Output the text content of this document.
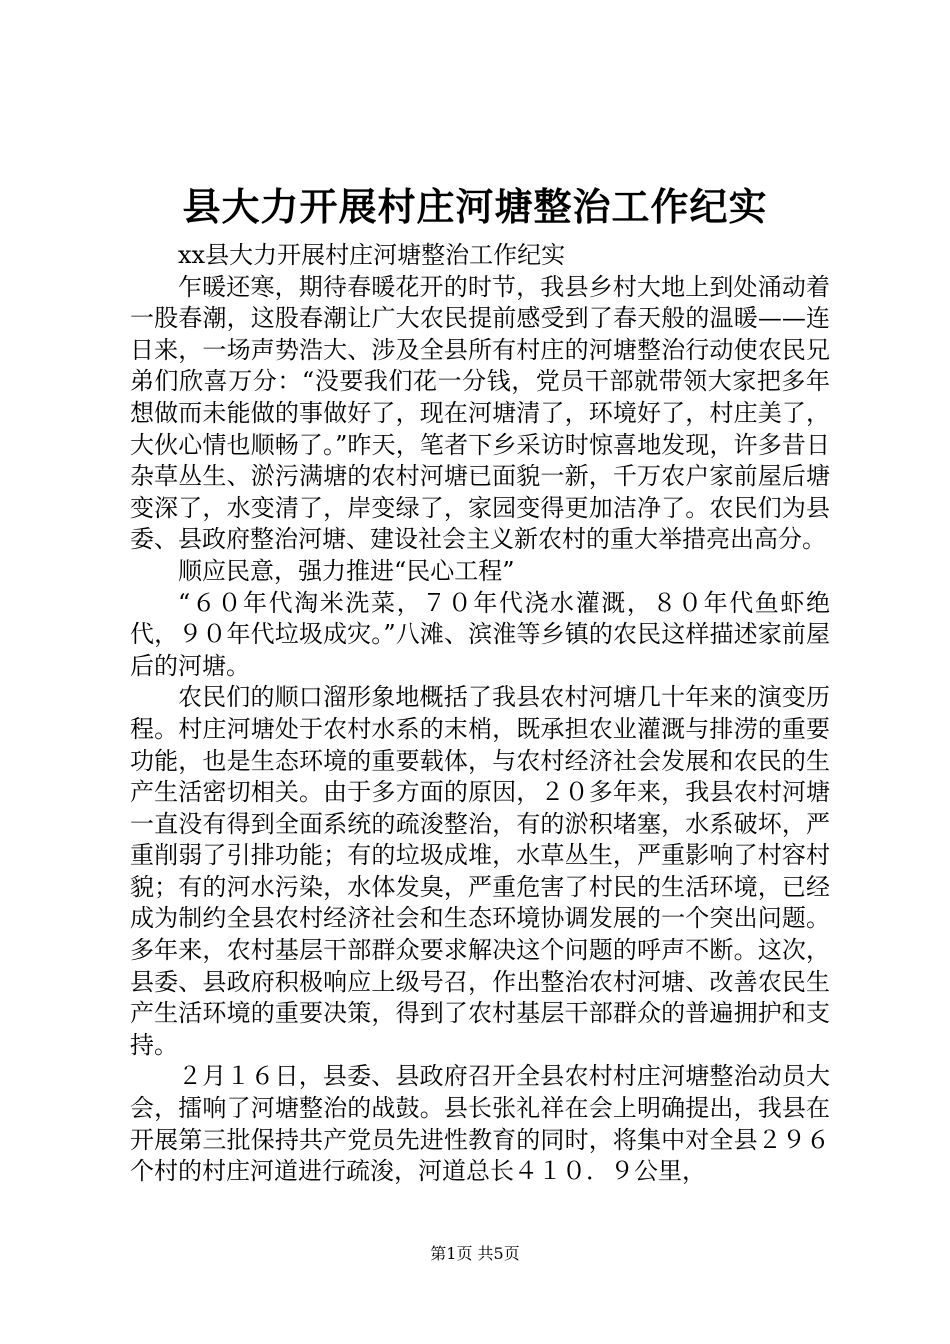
县大力开展村庄河塘整治工作纪实

xx县大力开展村庄河塘整治工作纪实

乍暖还寒，期待春暖花开的时节，我县乡村大地上到处涌动着一股春潮，这股春潮让广大农民提前感受到了春天般的温暖——连日来，一场声势浩大、涉及全县所有村庄的河塘整治行动使农民兄弟们欣喜万分：“没要我们花一分钱，党员干部就带领大家把多年想做而未能做的事做好了，现在河塘清了，环境好了，村庄美了，大伙心情也顺畅了。”昨天，笔者下乡采访时惊喜地发现，许多昔日杂草丛生、淤污满塘的农村河塘已面貌一新，千万农户家前屋后塘变深了，水变清了，岸变绿了，家园变得更加洁净了。农民们为县委、县政府整治河塘、建设社会主义新农村的重大举措亮出高分。

顺应民意，强力推进“民心工程”

“６０年代淘米洗菜，７０年代浇水灌溉，８０年代鱼虾绝代，９０年代垃圾成灾。”八滩、滨淮等乡镇的农民这样描述家前屋后的河塘。

农民们的顺口溜形象地概括了我县农村河塘几十年来的演变历程。村庄河塘处于农村水系的末梢，既承担农业灌溉与排涝的重要功能，也是生态环境的重要载体，与农村经济社会发展和农民的生产生活密切相关。由于多方面的原因，２０多年来，我县农村河塘一直没有得到全面系统的疏浚整治，有的淤积堵塞，水系破坏，严重削弱了引排功能；有的垃圾成堆，水草丛生，严重影响了村容村貌；有的河水污染，水体发臭，严重危害了村民的生活环境，已经成为制约全县农村经济社会和生态环境协调发展的一个突出问题。多年来，农村基层干部群众要求解决这个问题的呼声不断。这次，县委、县政府积极响应上级号召，作出整治农村河塘、改善农民生产生活环境的重要决策，得到了农村基层干部群众的普遍拥护和支持。

２月１６日，县委、县政府召开全县农村村庄河塘整治动员大会，擂响了河塘整治的战鼓。县长张礼祥在会上明确提出，我县在开展第三批保持共产党员先进性教育的同时，将集中对全县２９６个村的村庄河道进行疏浚，河道总长４１０．９公里，

第1页 共5页
